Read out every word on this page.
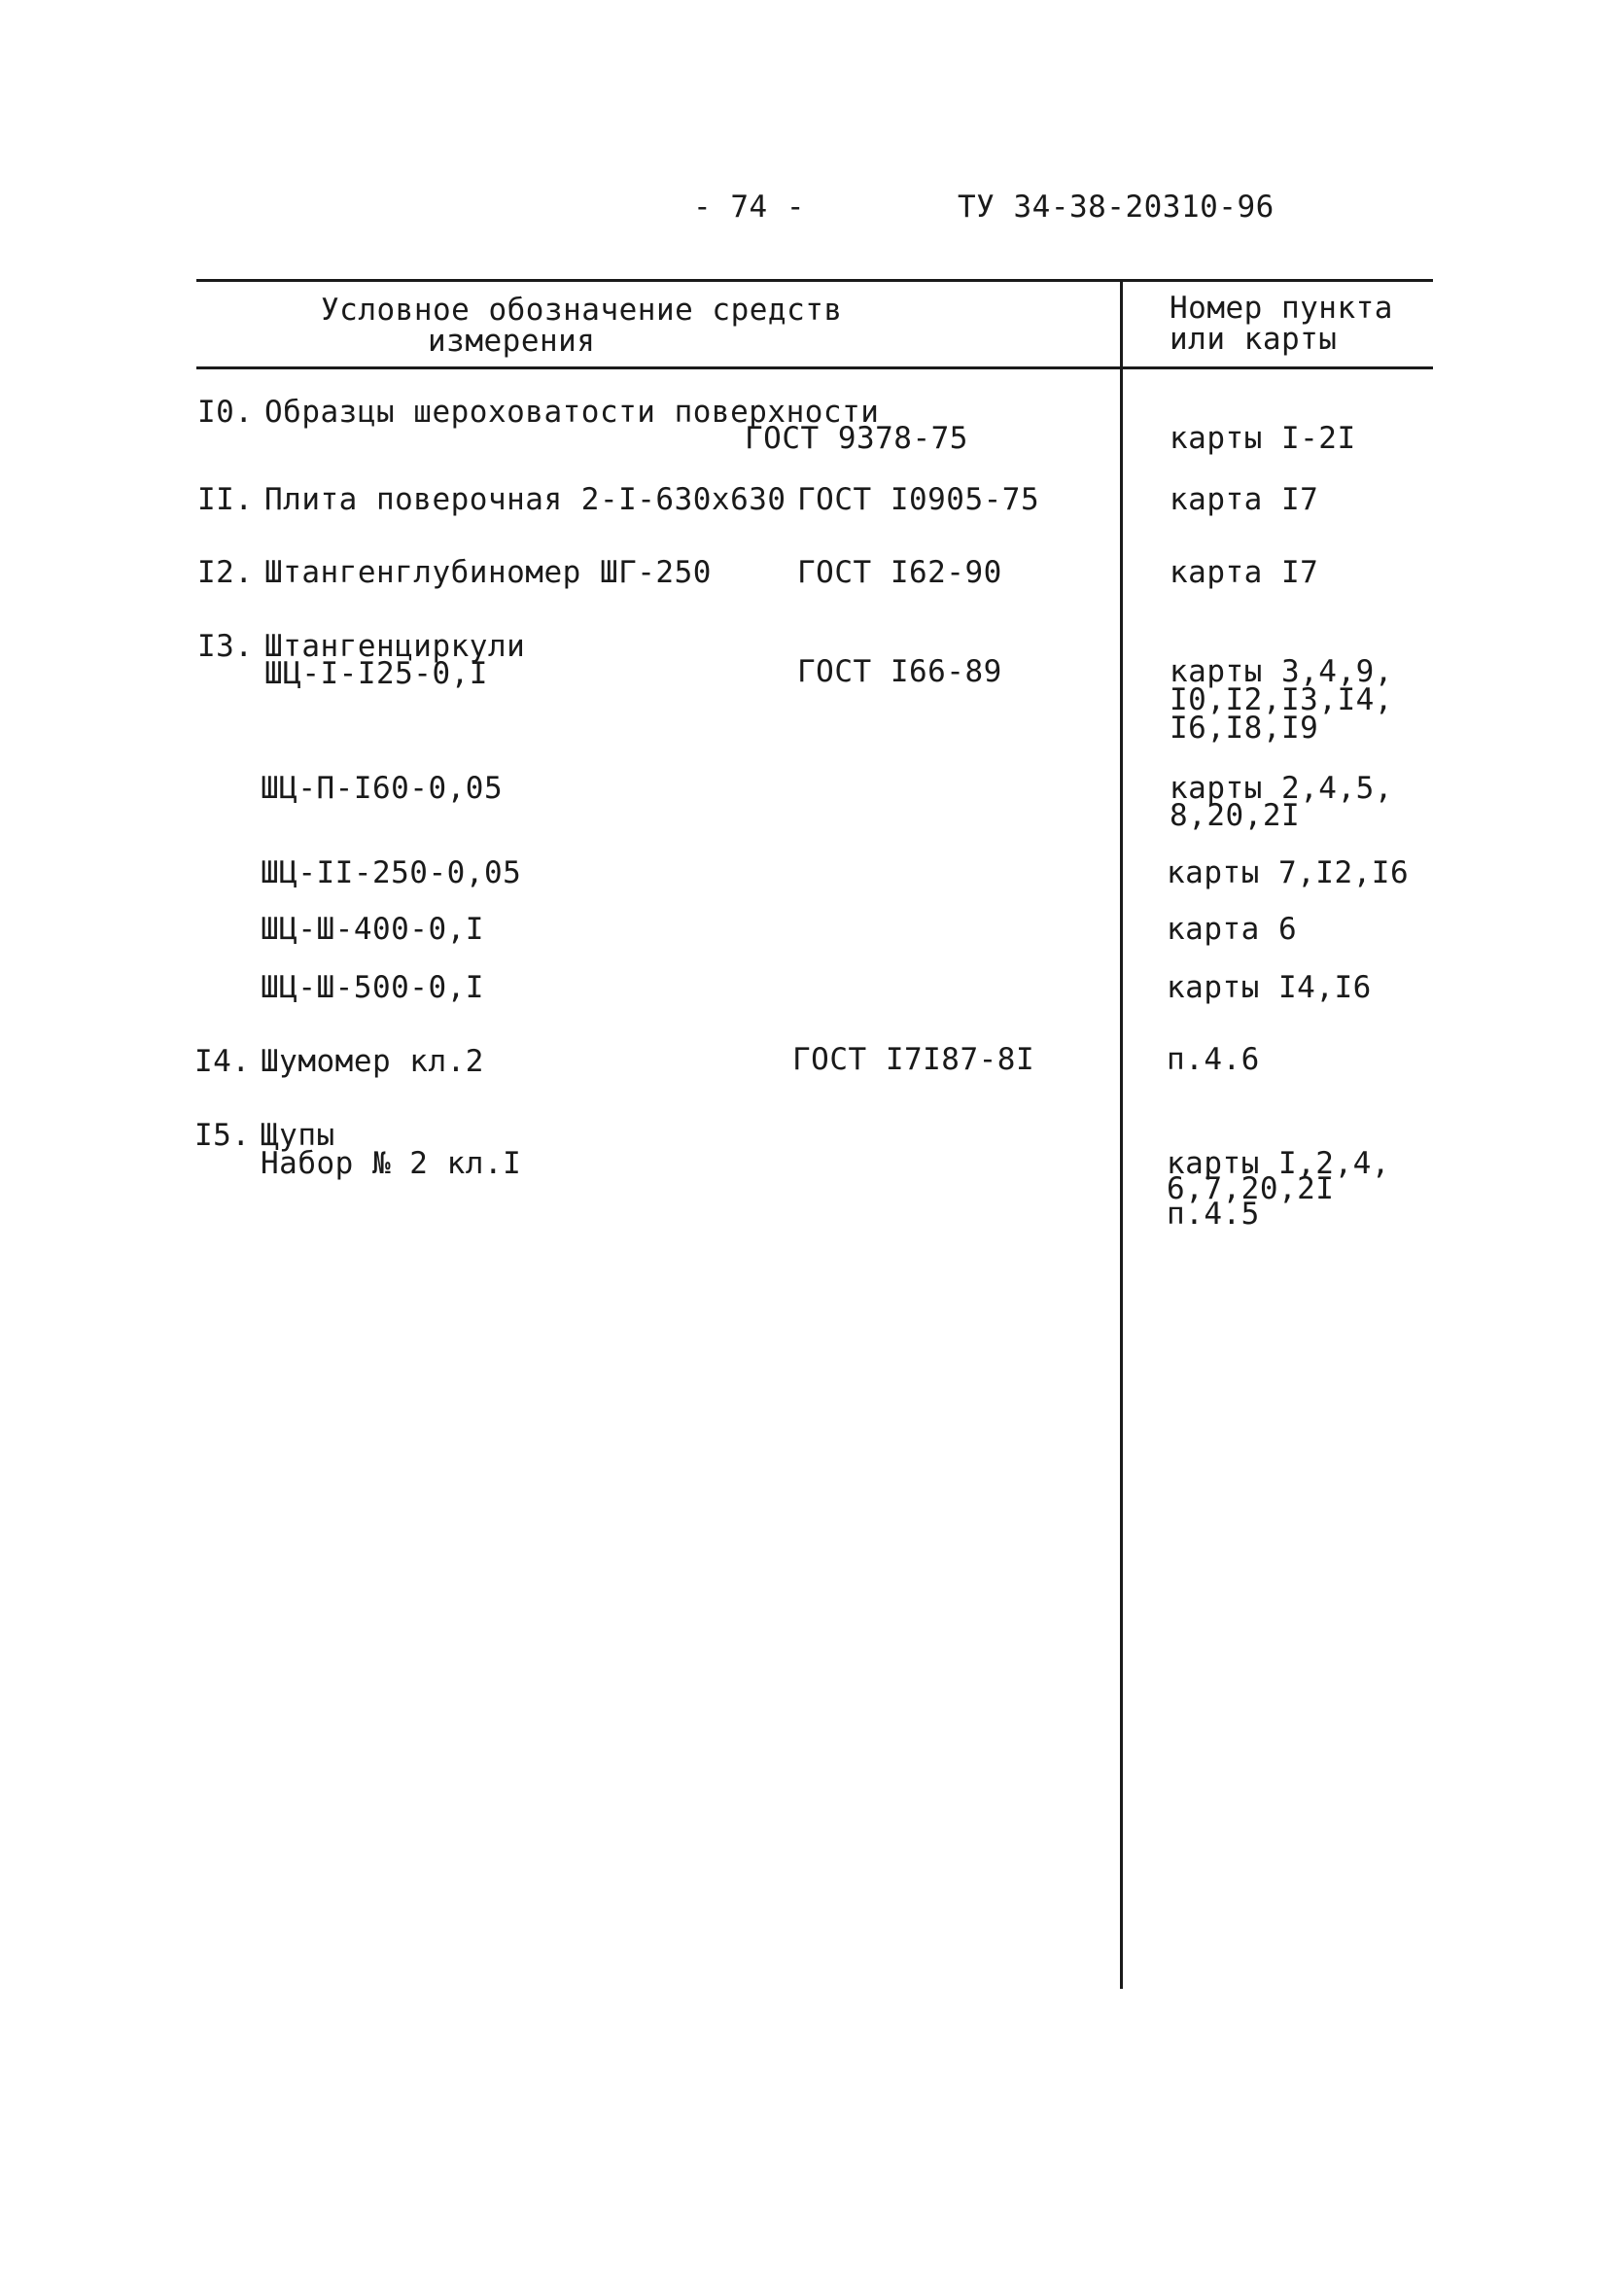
- 74 -	ТУ 34-38-20310-96
Условное обозначение средств
измерения
Номер пункта
или карты
I0. Образцы шероховатости поверхности
ГОСТ 9378-75	карты I-2I
II. Плита поверочная 2-I-630х630 ГОСТ I0905-75	карта I7
I2. Штангенглубиномер ШГ-250	ГОСТ I62-90	карта I7
I3. Штангенциркули
ШЦ-I-I25-0,I	ГОСТ I66-89	карты 3,4,9,
I0,I2,I3,I4,
I6,I8,I9
ШЦ-П-I60-0,05	карты 2,4,5,
8,20,2I
ШЦ-II-250-0,05	карты 7,I2,I6
ШЦ-Ш-400-0,I	карта 6
ШЦ-Ш-500-0,I	карты I4,I6
I4. Шумомер кл.2	ГОСТ I7I87-8I	п.4.6
I5. Щупы
Набор № 2 кл.I	карты I,2,4,
6,7,20,2I
п.4.5
